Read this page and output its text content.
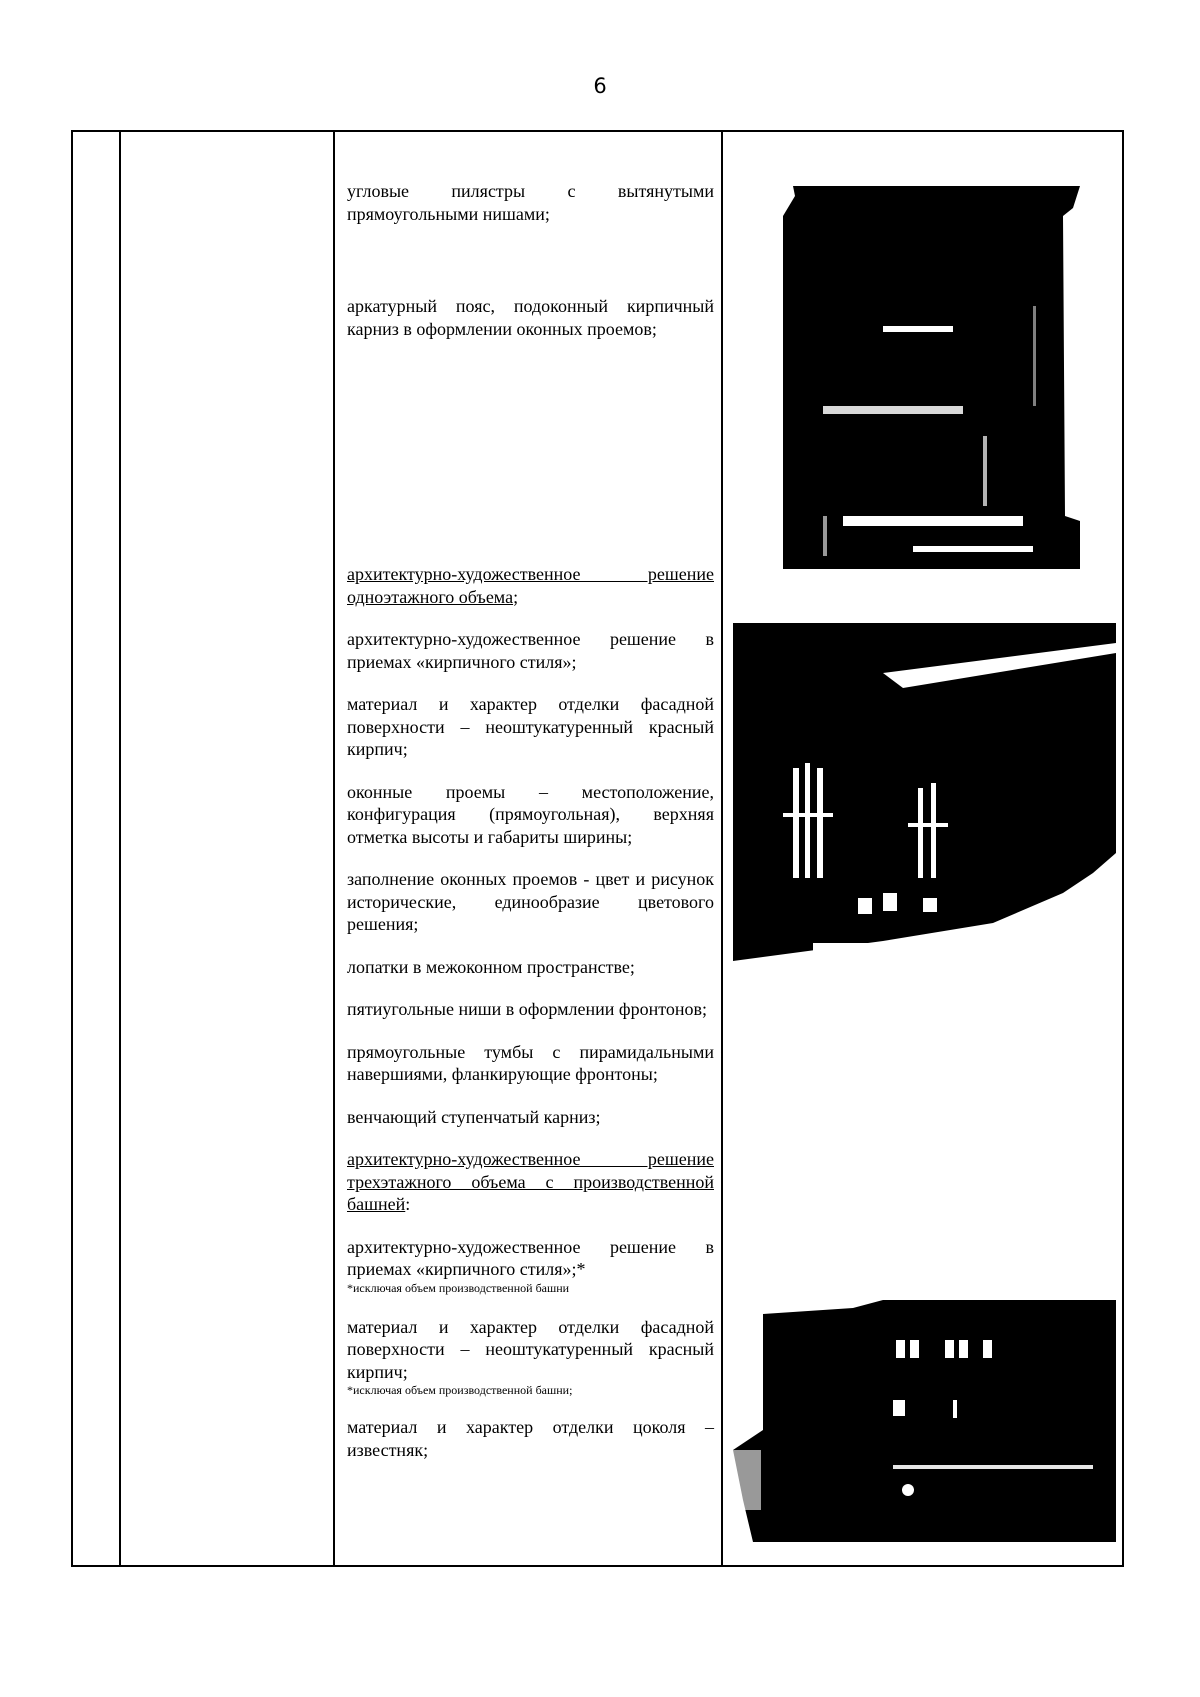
6

угловые пилястры с вытянутыми прямоугольными нишами;

аркатурный пояс, подоконный кирпичный карниз в оформлении оконных проемов;

архитектурно-художественное решение одноэтажного объема;

архитектурно-художественное решение в приемах «кирпичного стиля»;

материал и характер отделки фасадной поверхности – неоштукатуренный красный кирпич;

оконные проемы – местоположение, конфигурация (прямоугольная), верхняя отметка высоты и габариты ширины;

заполнение оконных проемов - цвет и рисунок исторические, единообразие цветового решения;

лопатки в межоконном пространстве;

пятиугольные ниши в оформлении фронтонов;

прямоугольные тумбы с пирамидальными навершиями, фланкирующие фронтоны;

венчающий ступенчатый карниз;

архитектурно-художественное решение трехэтажного объема с производственной башней:

архитектурно-художественное решение в приемах «кирпичного стиля»;*
*исключая объем производственной башни

материал и характер отделки фасадной поверхности – неоштукатуренный красный кирпич;
*исключая объем производственной башни;

материал и характер отделки цоколя – известняк;
